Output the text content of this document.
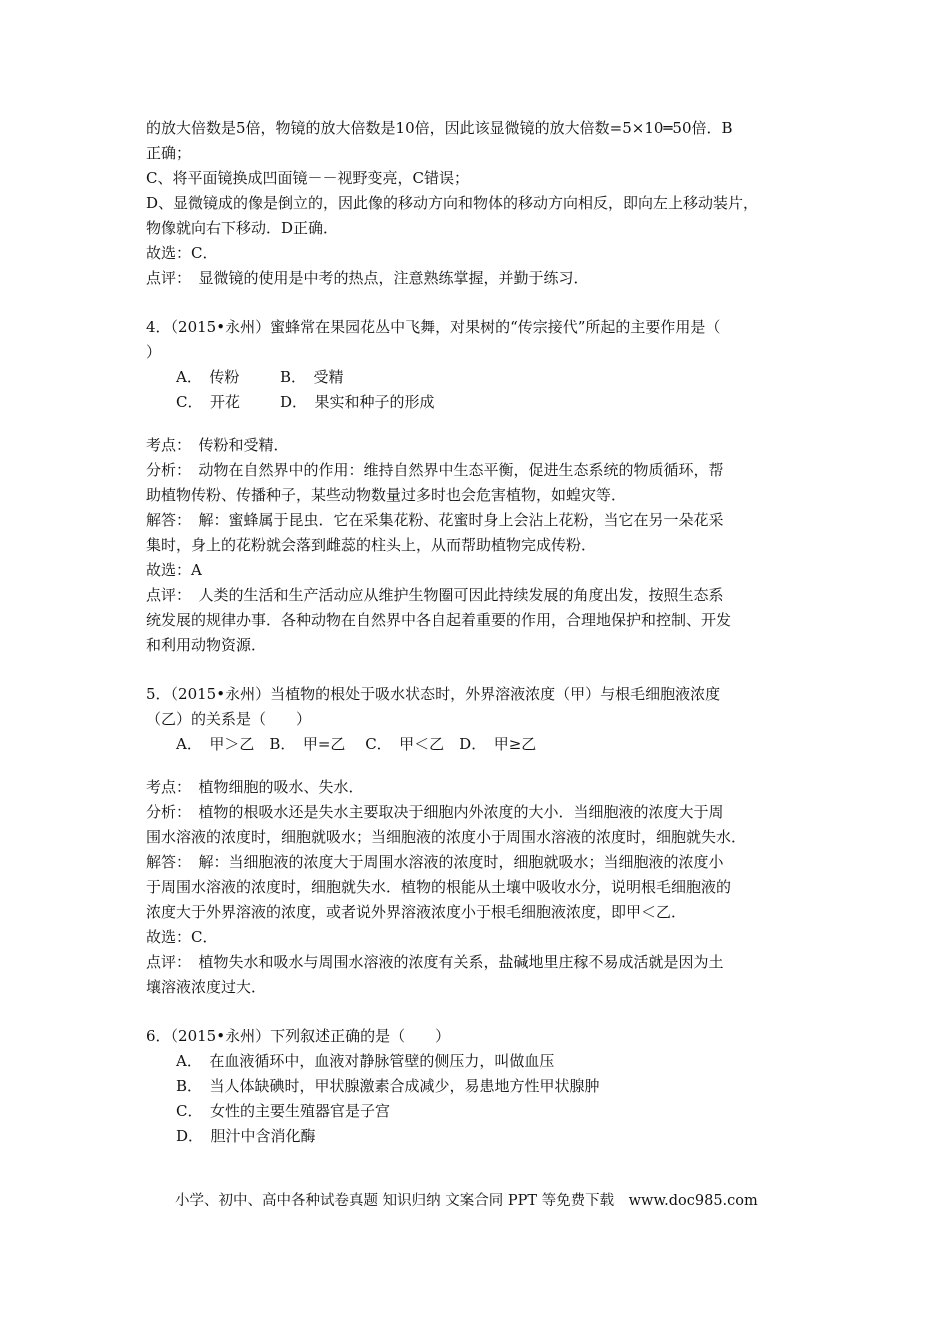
的放大倍数是5倍，物镜的放大倍数是10倍，因此该显微镜的放大倍数=5×10═50倍．B
正确；
C、将平面镜换成凹面镜－－视野变亮，C错误；
D、显微镜成的像是倒立的，因此像的移动方向和物体的移动方向相反，即向左上移动装片，
物像就向右下移动．D正确．
故选：C．
点评：　显微镜的使用是中考的热点，注意熟练掌握，并勤于练习．
4．（2015•永州）蜜蜂常在果园花丛中飞舞，对果树的“传宗接代”所起的主要作用是（
）
A．　传粉	B．　受精
C．　开花	D．　果实和种子的形成
考点：　传粉和受精．
分析：　动物在自然界中的作用：维持自然界中生态平衡，促进生态系统的物质循环，帮
助植物传粉、传播种子，某些动物数量过多时也会危害植物，如蝗灾等．
解答：　解：蜜蜂属于昆虫．它在采集花粉、花蜜时身上会沾上花粉，当它在另一朵花采
集时，身上的花粉就会落到雌蕊的柱头上，从而帮助植物完成传粉．
故选：A
点评：　人类的生活和生产活动应从维护生物圈可因此持续发展的角度出发，按照生态系
统发展的规律办事．各种动物在自然界中各自起着重要的作用，合理地保护和控制、开发
和利用动物资源．
5．（2015•永州）当植物的根处于吸水状态时，外界溶液浓度（甲）与根毛细胞液浓度
（乙）的关系是（　　）
A．　甲＞乙　B．　甲=乙　 C．　甲＜乙　D．　甲≥乙
考点：　植物细胞的吸水、失水．
分析：　植物的根吸水还是失水主要取决于细胞内外浓度的大小．当细胞液的浓度大于周
围水溶液的浓度时，细胞就吸水；当细胞液的浓度小于周围水溶液的浓度时，细胞就失水．
解答：　解：当细胞液的浓度大于周围水溶液的浓度时，细胞就吸水；当细胞液的浓度小
于周围水溶液的浓度时，细胞就失水．植物的根能从土壤中吸收水分，说明根毛细胞液的
浓度大于外界溶液的浓度，或者说外界溶液浓度小于根毛细胞液浓度，即甲＜乙．
故选：C．
点评：　植物失水和吸水与周围水溶液的浓度有关系，盐碱地里庄稼不易成活就是因为土
壤溶液浓度过大．
6．（2015•永州）下列叙述正确的是（　　）
A．　在血液循环中，血液对静脉管壁的侧压力，叫做血压
B．　当人体缺碘时，甲状腺激素合成减少，易患地方性甲状腺肿
C．　女性的主要生殖器官是子宫
D．　胆汁中含消化酶
小学、初中、高中各种试卷真题 知识归纳 文案合同 PPT 等免费下载　www.doc985.com
